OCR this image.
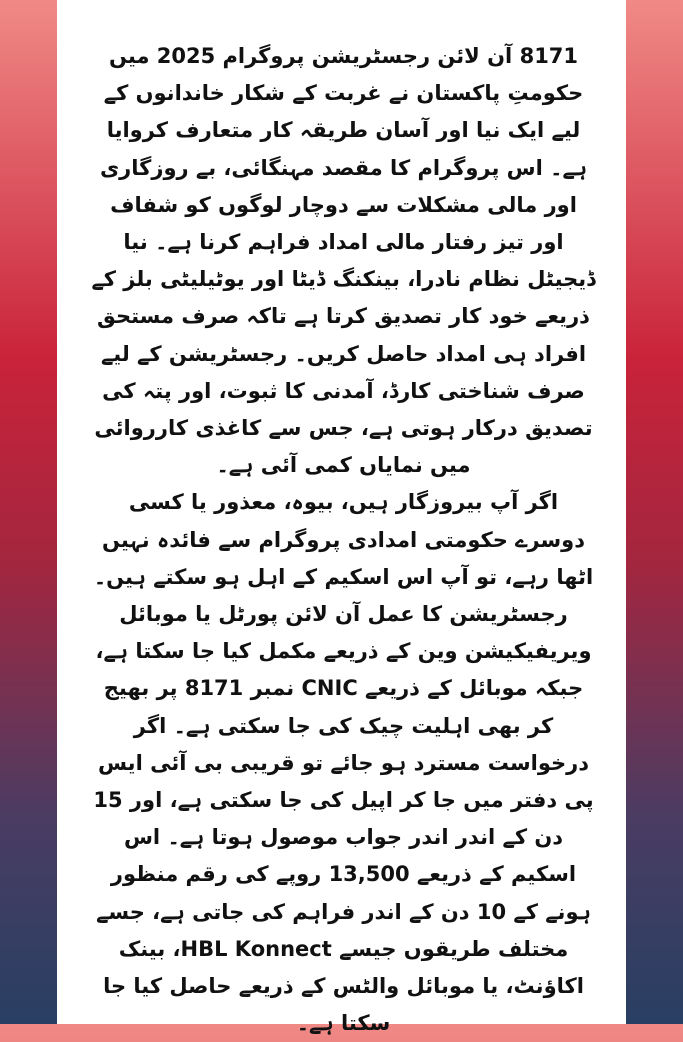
8171 آن لائن رجسٹریشن پروگرام 2025 میں حکومتِ پاکستان نے غربت کے شکار خاندانوں کے لیے ایک نیا اور آسان طریقہ کار متعارف کروایا ہے۔ اس پروگرام کا مقصد مہنگائی، بے روزگاری اور مالی مشکلات سے دوچار لوگوں کو شفاف اور تیز رفتار مالی امداد فراہم کرنا ہے۔ نیا ڈیجیٹل نظام نادرا، بینکنگ ڈیٹا اور یوٹیلیٹی بلز کے ذریعے خود کار تصدیق کرتا ہے تاکہ صرف مستحق افراد ہی امداد حاصل کریں۔ رجسٹریشن کے لیے صرف شناختی کارڈ، آمدنی کا ثبوت، اور پتہ کی تصدیق درکار ہوتی ہے، جس سے کاغذی کارروائی میں نمایاں کمی آئی ہے۔

اگر آپ بیروزگار ہیں، بیوہ، معذور یا کسی دوسرے حکومتی امدادی پروگرام سے فائدہ نہیں اٹھا رہے، تو آپ اس اسکیم کے اہل ہو سکتے ہیں۔ رجسٹریشن کا عمل آن لائن پورٹل یا موبائل ویریفیکیشن وین کے ذریعے مکمل کیا جا سکتا ہے، جبکہ موبائل کے ذریعے CNIC نمبر 8171 پر بھیج کر بھی اہلیت چیک کی جا سکتی ہے۔ اگر درخواست مسترد ہو جائے تو قریبی بی آئی ایس پی دفتر میں جا کر اپیل کی جا سکتی ہے، اور 15 دن کے اندر اندر جواب موصول ہوتا ہے۔ اس اسکیم کے ذریعے 13,500 روپے کی رقم منظور ہونے کے 10 دن کے اندر فراہم کی جاتی ہے، جسے مختلف طریقوں جیسے HBL Konnect، بینک اکاؤنٹ، یا موبائل والٹس کے ذریعے حاصل کیا جا سکتا ہے۔
